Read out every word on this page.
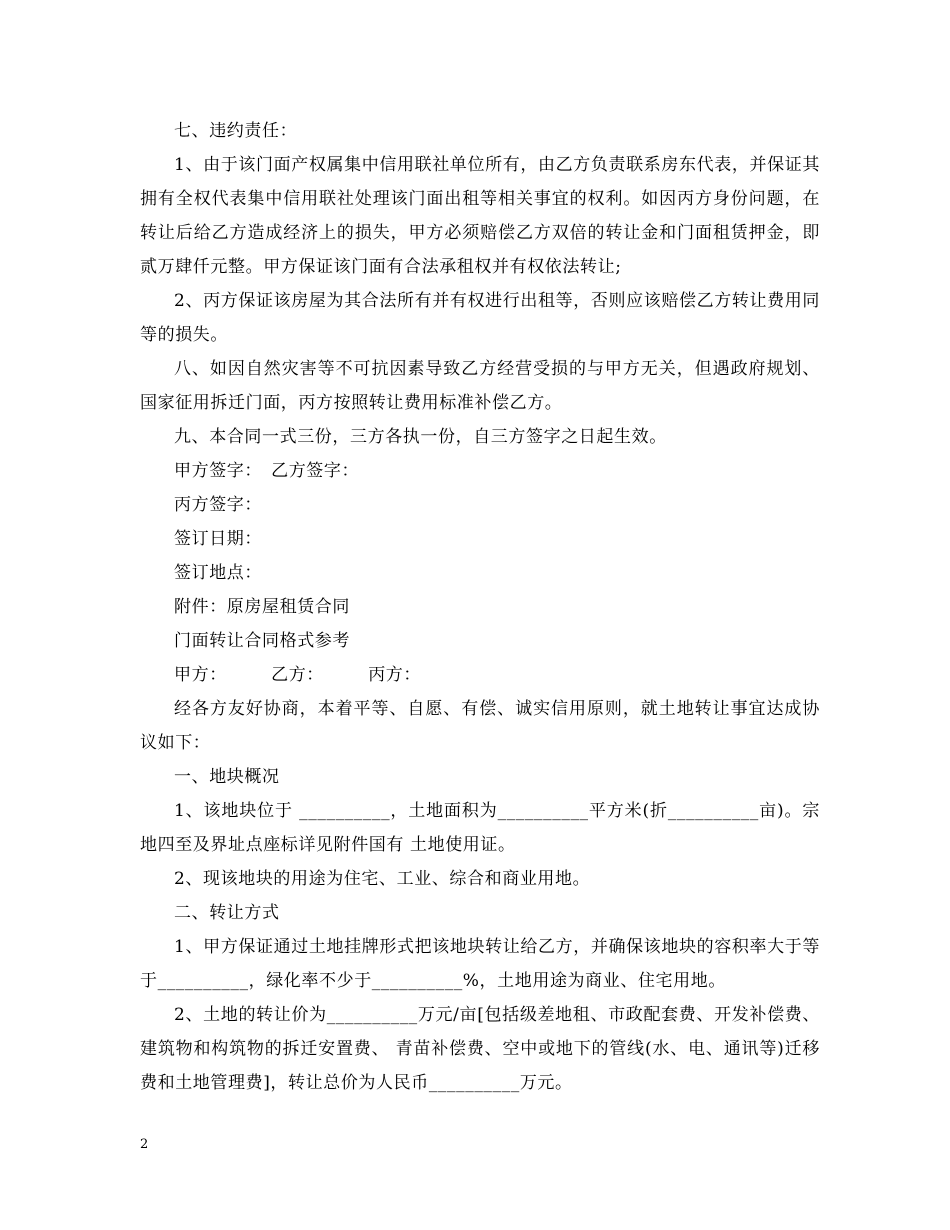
七、违约责任：

1、由于该门面产权属集中信用联社单位所有，由乙方负责联系房东代表，并保证其拥有全权代表集中信用联社处理该门面出租等相关事宜的权利。如因丙方身份问题，在转让后给乙方造成经济上的损失，甲方必须赔偿乙方双倍的转让金和门面租赁押金，即贰万肆仟元整。甲方保证该门面有合法承租权并有权依法转让;

2、丙方保证该房屋为其合法所有并有权进行出租等，否则应该赔偿乙方转让费用同等的损失。

八、如因自然灾害等不可抗因素导致乙方经营受损的与甲方无关，但遇政府规划、国家征用拆迁门面，丙方按照转让费用标准补偿乙方。

九、本合同一式三份，三方各执一份，自三方签字之日起生效。

甲方签字：　乙方签字：

丙方签字：

签订日期：

签订地点：

附件：原房屋租赁合同

门面转让合同格式参考

甲方：　　　乙方：　　　丙方：

经各方友好协商，本着平等、自愿、有偿、诚实信用原则，就土地转让事宜达成协议如下：

一、地块概况

1、该地块位于 __________，土地面积为__________平方米(折__________亩)。宗地四至及界址点座标详见附件国有 土地使用证。

2、现该地块的用途为住宅、工业、综合和商业用地。

二、转让方式

1、甲方保证通过土地挂牌形式把该地块转让给乙方，并确保该地块的容积率大于等于__________，绿化率不少于__________%，土地用途为商业、住宅用地。

2、土地的转让价为__________万元/亩[包括级差地租、市政配套费、开发补偿费、建筑物和构筑物的拆迁安置费、 青苗补偿费、空中或地下的管线(水、电、通讯等)迁移费和土地管理费]，转让总价为人民币__________万元。

2
